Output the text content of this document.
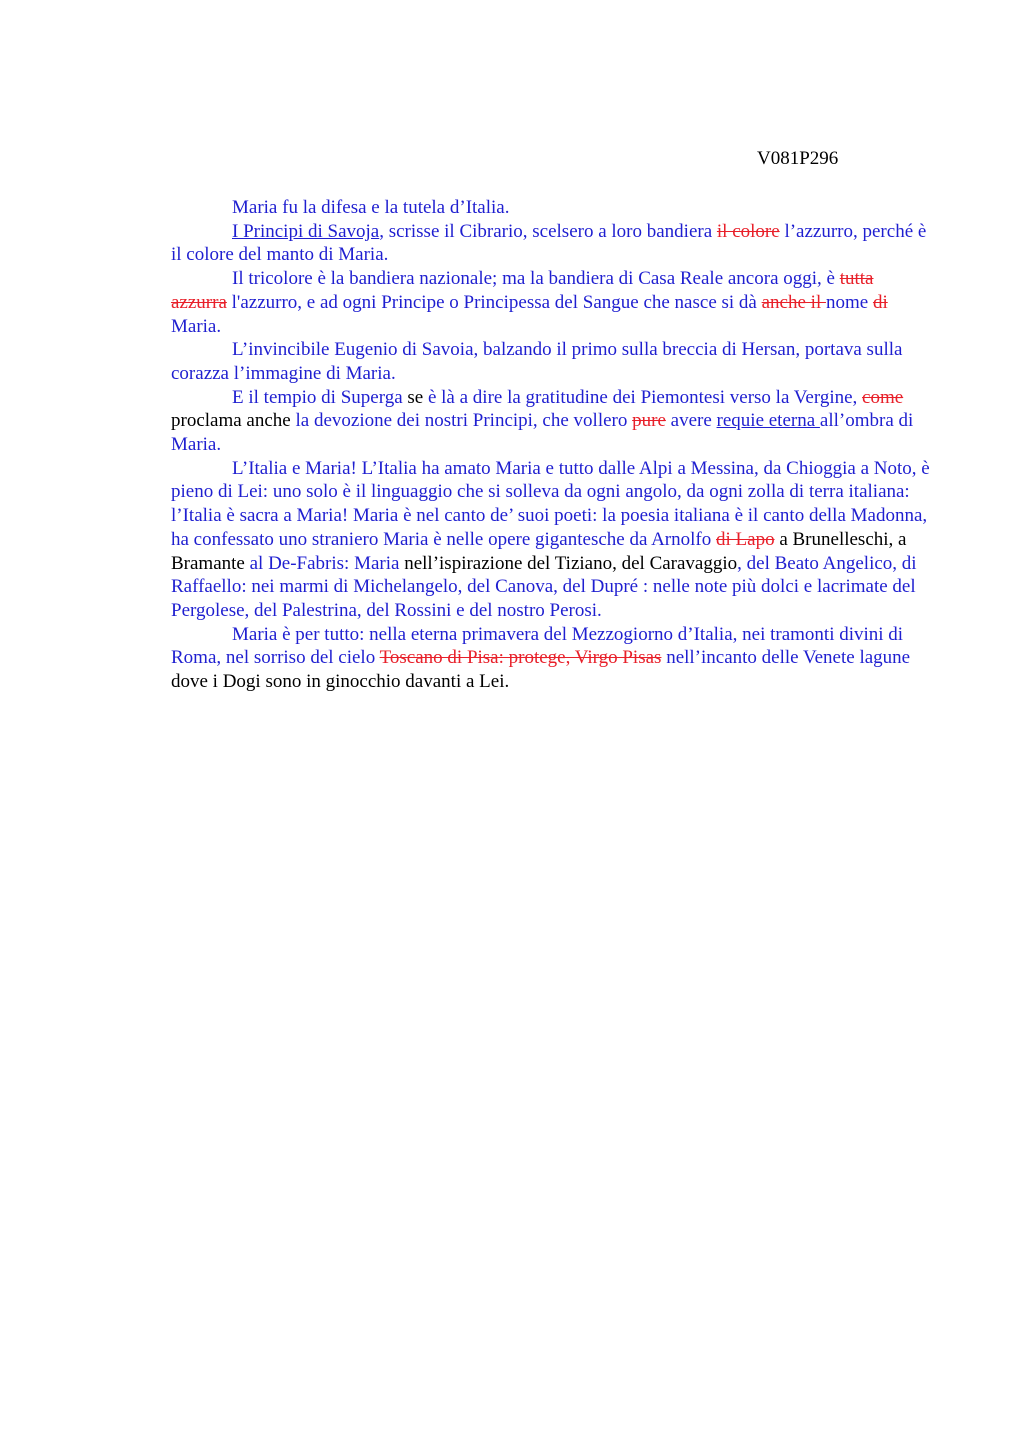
V081P296

Maria fu la difesa e la tutela d’Italia.

I Principi di Savoja, scrisse il Cibrario, scelsero a loro bandiera il colore l’azzurro, perché è il colore del manto di Maria.

Il tricolore è la bandiera nazionale; ma la bandiera di Casa Reale ancora oggi, è tutta azzurra l'azzurro, e ad ogni Principe o Principessa del Sangue che nasce si dà anche il nome di Maria.

L’invincibile Eugenio di Savoia, balzando il primo sulla breccia di Hersan, portava sulla corazza l’immagine di Maria.

E il tempio di Superga se è là a dire la gratitudine dei Piemontesi verso la Vergine, come proclama anche la devozione dei nostri Principi, che vollero pure avere requie eterna all’ombra di Maria.

L’Italia e Maria! L’Italia ha amato Maria e tutto dalle Alpi a Messina, da Chioggia a Noto, è pieno di Lei: uno solo è il linguaggio che si solleva da ogni angolo, da ogni zolla di terra italiana: l’Italia è sacra a Maria! Maria è nel canto de’ suoi poeti: la poesia italiana è il canto della Madonna, ha confessato uno straniero Maria è nelle opere gigantesche da Arnolfo di Lapo a Brunelleschi, a Bramante al De-Fabris: Maria nell’ispirazione del Tiziano, del Caravaggio, del Beato Angelico, di Raffaello: nei marmi di Michelangelo, del Canova, del Dupré : nelle note più dolci e lacrimate del Pergolese, del Palestrina, del Rossini e del nostro Perosi.

Maria è per tutto: nella eterna primavera del Mezzogiorno d’Italia, nei tramonti divini di Roma, nel sorriso del cielo Toscano di Pisa: protege, Virgo Pisas nell’incanto delle Venete lagune dove i Dogi sono in ginocchio davanti a Lei.
